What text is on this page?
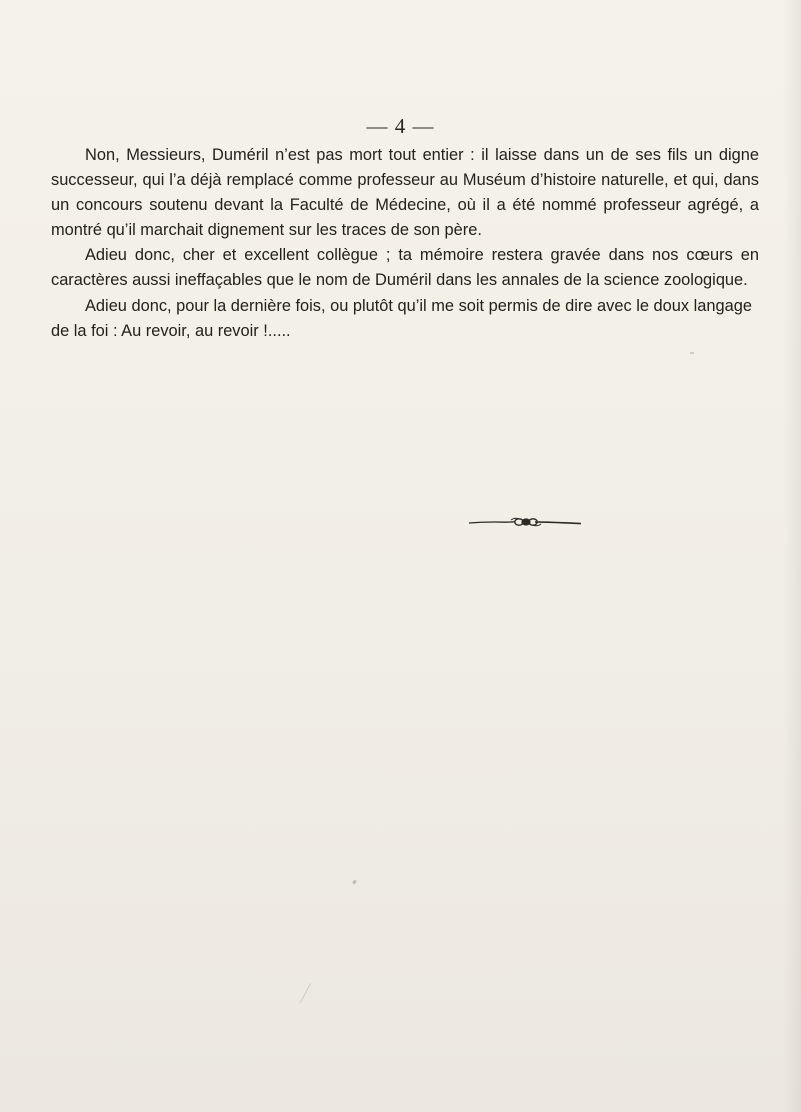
— 4 —

Non, Messieurs, Duméril n’est pas mort tout entier : il laisse dans un de ses fils un digne successeur, qui l’a déjà remplacé comme professeur au Muséum d’histoire naturelle, et qui, dans un concours soutenu devant la Faculté de Médecine, où il a été nommé professeur agrégé, a montré qu’il marchait dignement sur les traces de son père.

Adieu donc, cher et excellent collègue ; ta mémoire restera gravée dans nos cœurs en caractères aussi ineffaçables que le nom de Duméril dans les annales de la science zoologique.

Adieu donc, pour la dernière fois, ou plutôt qu’il me soit permis de dire avec le doux langage de la foi : Au revoir, au revoir !.....
